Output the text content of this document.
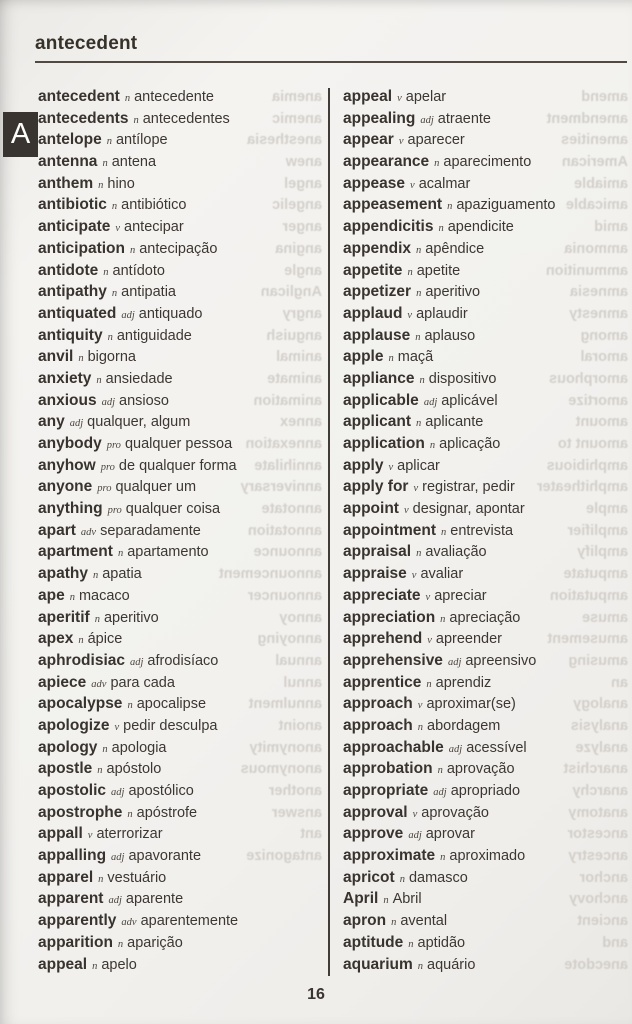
antecedent
A
anemia
anemic
anesthesia
anew
angel
angelic
anger
angina
angle
Anglican
angry
anguish
animal
animate
animation
annex
annexation
annihilate
anniversary
annotate
annotation
announce
announcement
announcer
annoy
annoying
annual
annul
annulment
anoint
anonymity
anonymous
another
answer
ant
antagonize
amend
amendment
amenities
American
amiable
amicable
amid
ammonia
ammunition
amnesia
amnesty
among
amoral
amorphous
amortize
amount
amount to
amphibious
amphitheater
ample
amplifier
amplify
amputate
amputation
amuse
amusement
amusing
an
analogy
analysis
analyze
anarchist
anarchy
anatomy
ancestor
ancestry
anchor
anchovy
ancient
and
anecdote
antecedent n antecedente
antecedents n antecedentes
antelope n antílope
antenna n antena
anthem n hino
antibiotic n antibiótico
anticipate v antecipar
anticipation n antecipação
antidote n antídoto
antipathy n antipatia
antiquated adj antiquado
antiquity n antiguidade
anvil n bigorna
anxiety n ansiedade
anxious adj ansioso
any adj qualquer, algum
anybody pro qualquer pessoa
anyhow pro de qualquer forma
anyone pro qualquer um
anything pro qualquer coisa
apart adv separadamente
apartment n apartamento
apathy n apatia
ape n macaco
aperitif n aperitivo
apex n ápice
aphrodisiac adj afrodisíaco
apiece adv para cada
apocalypse n apocalipse
apologize v pedir desculpa
apology n apologia
apostle n apóstolo
apostolic adj apostólico
apostrophe n apóstrofe
appall v aterrorizar
appalling adj apavorante
apparel n vestuário
apparent adj aparente
apparently adv aparentemente
apparition n aparição
appeal n apelo
appeal v apelar
appealing adj atraente
appear v aparecer
appearance n aparecimento
appease v acalmar
appeasement n apaziguamento
appendicitis n apendicite
appendix n apêndice
appetite n apetite
appetizer n aperitivo
applaud v aplaudir
applause n aplauso
apple n maçã
appliance n dispositivo
applicable adj aplicável
applicant n aplicante
application n aplicação
apply v aplicar
apply for v registrar, pedir
appoint v designar, apontar
appointment n entrevista
appraisal n avaliação
appraise v avaliar
appreciate v apreciar
appreciation n apreciação
apprehend v apreender
apprehensive adj apreensivo
apprentice n aprendiz
approach v aproximar(se)
approach n abordagem
approachable adj acessível
approbation n aprovação
appropriate adj apropriado
approval v aprovação
approve adj aprovar
approximate n aproximado
apricot n damasco
April n Abril
apron n avental
aptitude n aptidão
aquarium n aquário
16
